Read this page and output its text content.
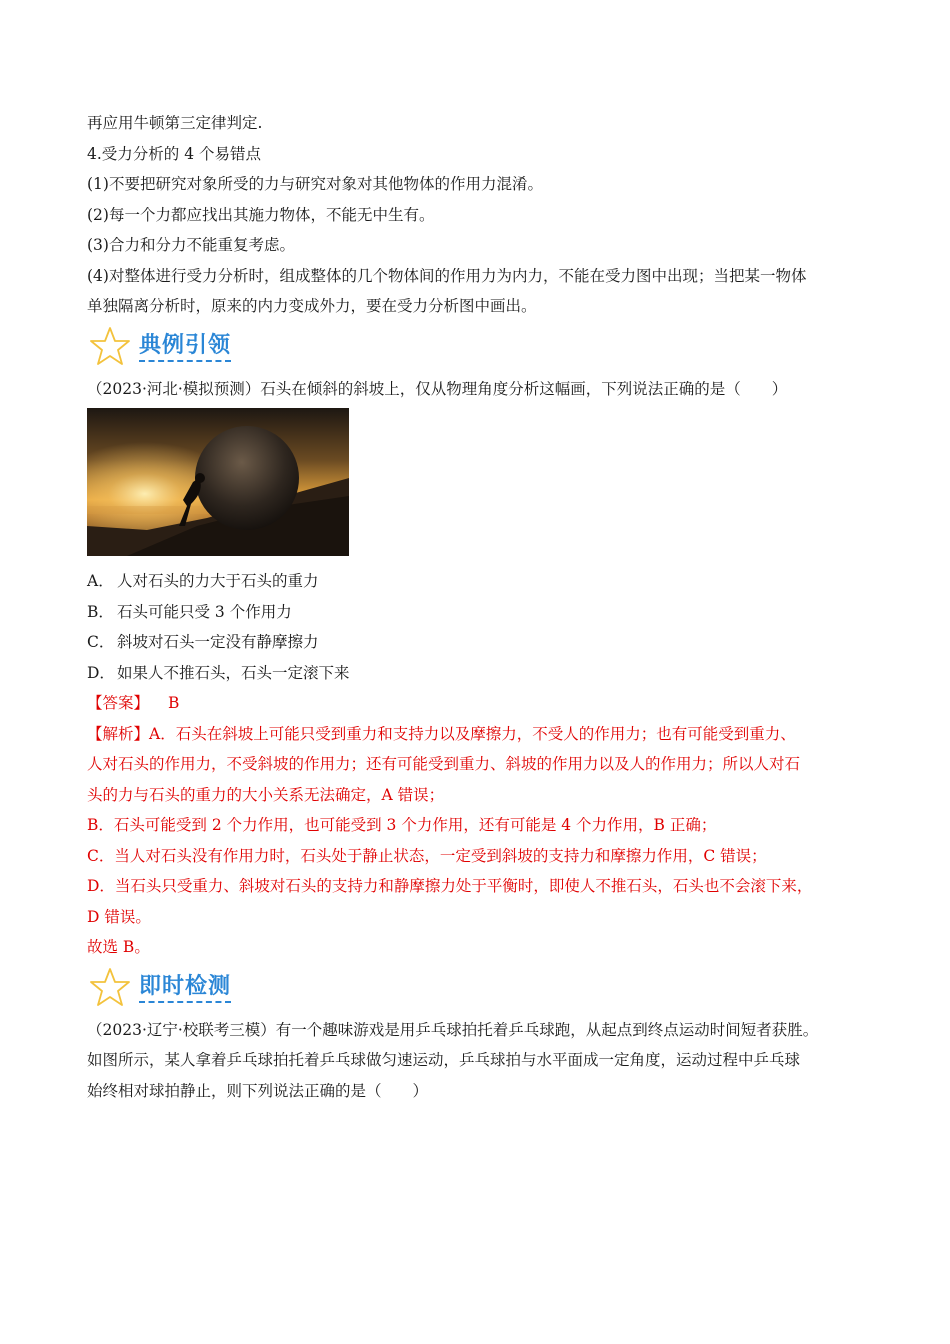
再应用牛顿第三定律判定.
4.受力分析的 4 个易错点
(1)不要把研究对象所受的力与研究对象对其他物体的作用力混淆。
(2)每一个力都应找出其施力物体，不能无中生有。
(3)合力和分力不能重复考虑。
(4)对整体进行受力分析时，组成整体的几个物体间的作用力为内力，不能在受力图中出现；当把某一物体
单独隔离分析时，原来的内力变成外力，要在受力分析图中画出。
典例引领
（2023·河北·模拟预测）石头在倾斜的斜坡上，仅从物理角度分析这幅画，下列说法正确的是（　　）
A． 人对石头的力大于石头的重力
B． 石头可能只受 3 个作用力
C． 斜坡对石头一定没有静摩擦力
D． 如果人不推石头，石头一定滚下来
【答案】 B
【解析】A．石头在斜坡上可能只受到重力和支持力以及摩擦力，不受人的作用力；也有可能受到重力、
人对石头的作用力，不受斜坡的作用力；还有可能受到重力、斜坡的作用力以及人的作用力；所以人对石
头的力与石头的重力的大小关系无法确定，A 错误；
B．石头可能受到 2 个力作用，也可能受到 3 个力作用，还有可能是 4 个力作用，B 正确；
C．当人对石头没有作用力时，石头处于静止状态，一定受到斜坡的支持力和摩擦力作用，C 错误；
D．当石头只受重力、斜坡对石头的支持力和静摩擦力处于平衡时，即使人不推石头，石头也不会滚下来，
D 错误。
故选 B。
即时检测
（2023·辽宁·校联考三模）有一个趣味游戏是用乒乓球拍托着乒乓球跑，从起点到终点运动时间短者获胜。
如图所示，某人拿着乒乓球拍托着乒乓球做匀速运动，乒乓球拍与水平面成一定角度，运动过程中乒乓球
始终相对球拍静止，则下列说法正确的是（　　）
